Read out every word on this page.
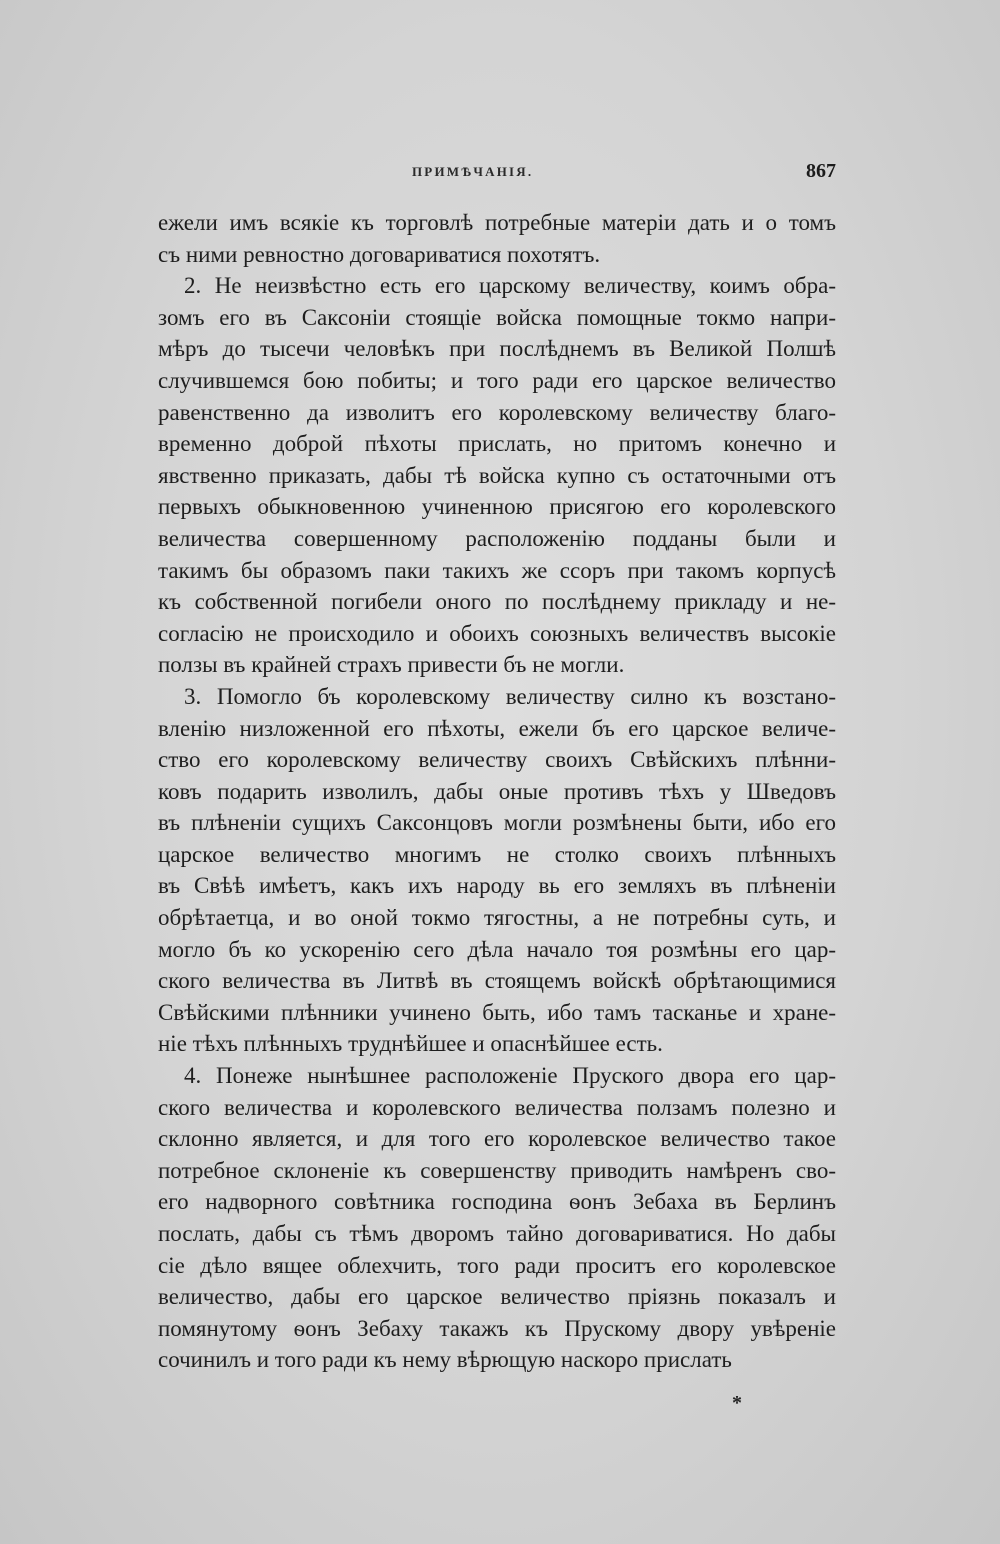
ПРИМѢЧАНІЯ.	867
ежели имъ всякіе къ торговлѣ потребные матеріи дать и о томъ
съ ними ревностно договариватися похотятъ.
2. Не неизвѣстно есть его царскому величеству, коимъ обра-
зомъ его въ Саксоніи стоящіе войска помощные токмо напри-
мѣръ до тысечи человѣкъ при послѣднемъ въ Великой Полшѣ
случившемся бою побиты; и того ради его царское величество
равенственно да изволитъ его королевскому величеству благо-
временно доброй пѣхоты прислать, но притомъ конечно и
явственно приказать, дабы тѣ войска купно съ остаточными отъ
первыхъ обыкновенною учиненною присягою его королевского
величества совершенному расположенію подданы были и
такимъ бы образомъ паки такихъ же ссоръ при такомъ корпусѣ
къ собственной погибели оного по послѣднему прикладу и не-
согласію не происходило и обоихъ союзныхъ величествъ высокіе
ползы въ крайней страхъ привести бъ не могли.
3. Помогло бъ королевскому величеству силно къ возстано-
вленію низложенной его пѣхоты, ежели бъ его царское величе-
ство его королевскому величеству своихъ Свѣйскихъ плѣнни-
ковъ подарить изволилъ, дабы оные противъ тѣхъ у Шведовъ
въ плѣненіи сущихъ Саксонцовъ могли розмѣнены быти, ибо его
царское величество многимъ не столко своихъ плѣнныхъ
въ Свѣѣ имѣетъ, какъ ихъ народу вь его земляхъ въ плѣненіи
обрѣтаетца, и во оной токмо тягостны, а не потребны суть, и
могло бъ ко ускоренію сего дѣла начало тоя розмѣны его цар-
ского величества въ Литвѣ въ стоящемъ войскѣ обрѣтающимися
Свѣйскими плѣнники учинено быть, ибо тамъ тасканье и хране-
ніе тѣхъ плѣнныхъ труднѣйшее и опаснѣйшее есть.
4. Понеже нынѣшнее расположеніе Пруского двора его цар-
ского величества и королевского величества ползамъ полезно и
склонно является, и для того его королевское величество такое
потребное склоненіе къ совершенству приводить намѣренъ сво-
его надворного совѣтника господина ѳонъ Зебаха въ Берлинъ
послать, дабы съ тѣмъ дворомъ тайно договариватися. Но дабы
сіе дѣло вящее облехчить, того ради проситъ его королевское
величество, дабы его царское величество пріязнь показалъ и
помянутому ѳонъ Зебаху такажъ къ Прускому двору увѣреніе
сочинилъ и того ради къ нему вѣрющую наскоро прислать
*
